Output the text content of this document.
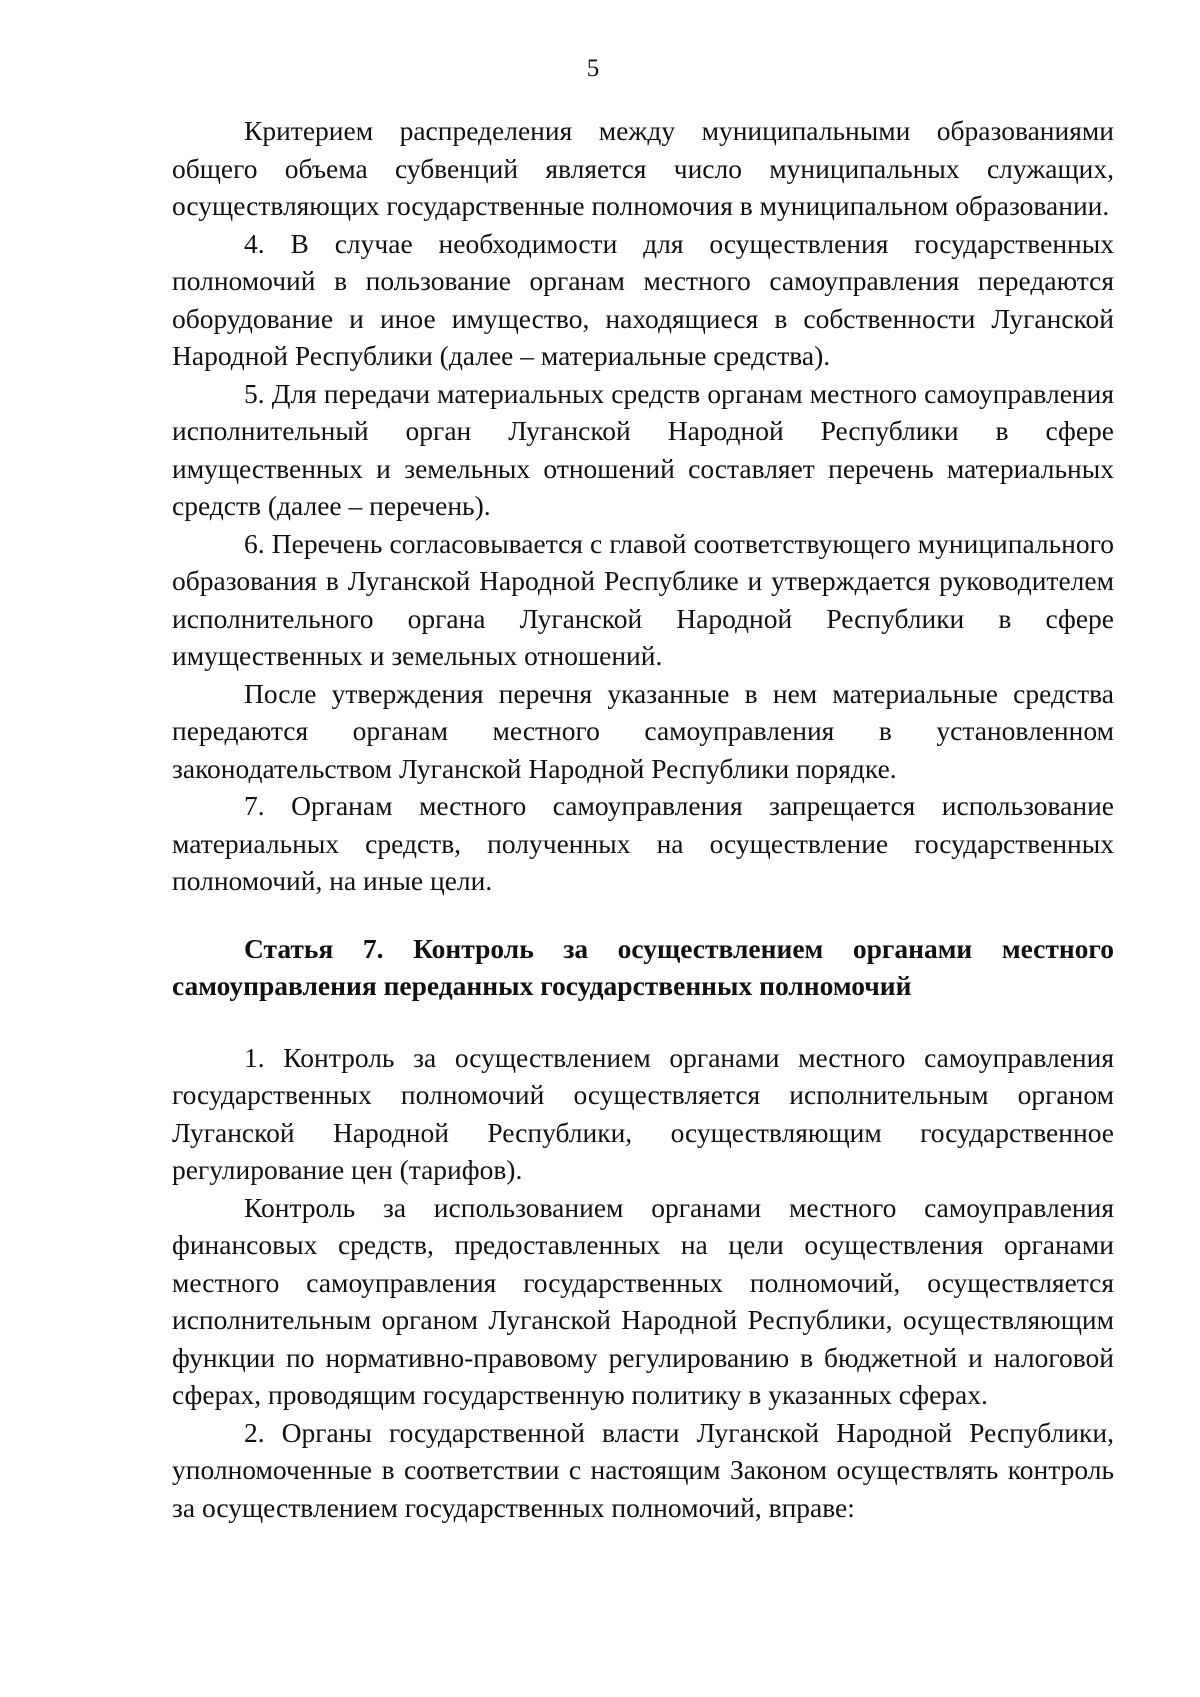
5

Критерием распределения между муниципальными образованиями общего объема субвенций является число муниципальных служащих, осуществляющих государственные полномочия в муниципальном образовании.

4. В случае необходимости для осуществления государственных полномочий в пользование органам местного самоуправления передаются оборудование и иное имущество, находящиеся в собственности Луганской Народной Республики (далее – материальные средства).

5. Для передачи материальных средств органам местного самоуправления исполнительный орган Луганской Народной Республики в сфере имущественных и земельных отношений составляет перечень материальных средств (далее – перечень).

6. Перечень согласовывается с главой соответствующего муниципального образования в Луганской Народной Республике и утверждается руководителем исполнительного органа Луганской Народной Республики в сфере имущественных и земельных отношений.

После утверждения перечня указанные в нем материальные средства передаются органам местного самоуправления в установленном законодательством Луганской Народной Республики порядке.

7. Органам местного самоуправления запрещается использование материальных средств, полученных на осуществление государственных полномочий, на иные цели.

Статья 7. Контроль за осуществлением органами местного самоуправления переданных государственных полномочий

1. Контроль за осуществлением органами местного самоуправления государственных полномочий осуществляется исполнительным органом Луганской Народной Республики, осуществляющим государственное регулирование цен (тарифов).

Контроль за использованием органами местного самоуправления финансовых средств, предоставленных на цели осуществления органами местного самоуправления государственных полномочий, осуществляется исполнительным органом Луганской Народной Республики, осуществляющим функции по нормативно-правовому регулированию в бюджетной и налоговой сферах, проводящим государственную политику в указанных сферах.

2. Органы государственной власти Луганской Народной Республики, уполномоченные в соответствии с настоящим Законом осуществлять контроль за осуществлением государственных полномочий, вправе:
